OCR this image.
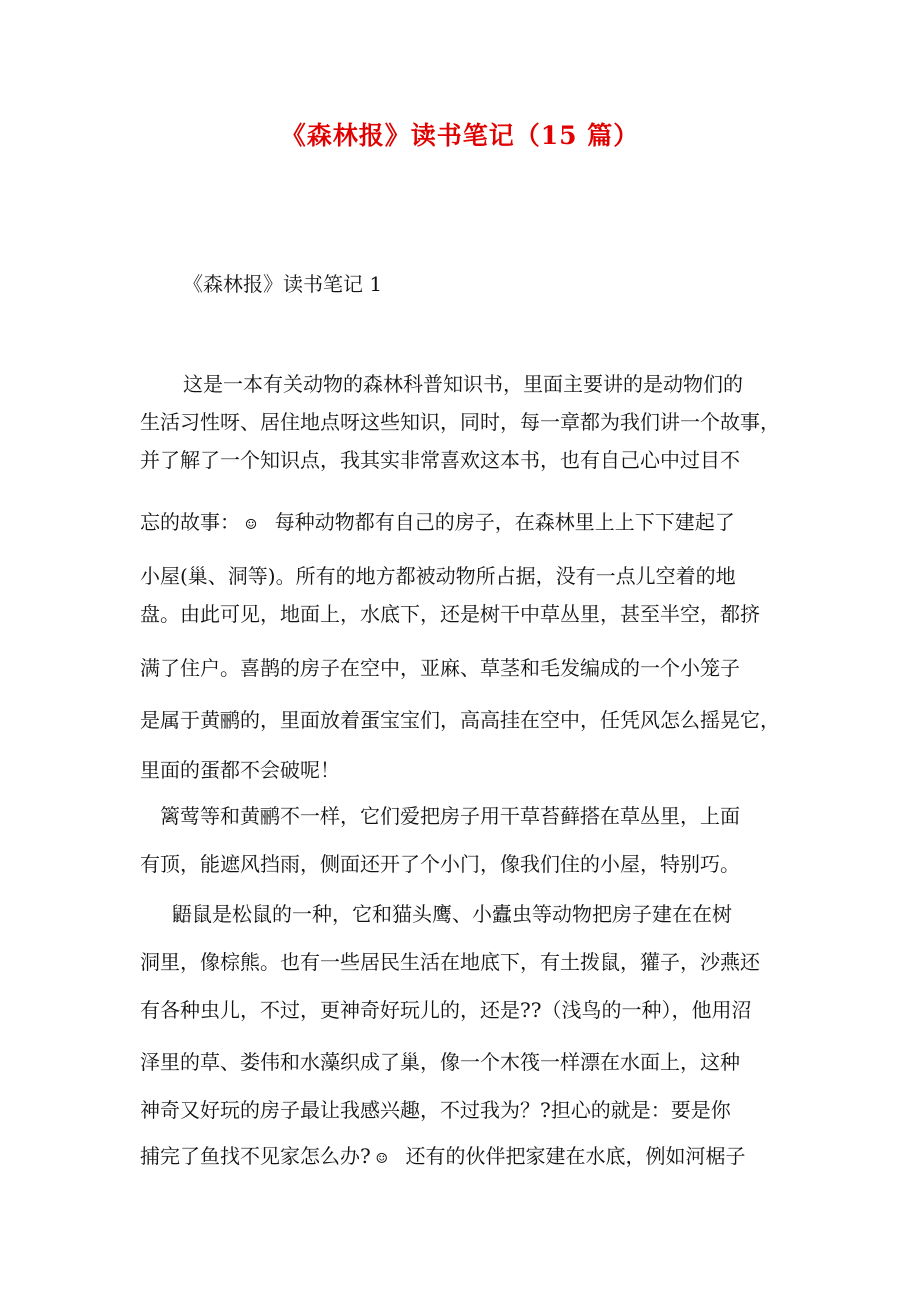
《森林报》读书笔记（15 篇）
《森林报》读书笔记 1
这是一本有关动物的森林科普知识书，里面主要讲的是动物们的
生活习性呀、居住地点呀这些知识，同时，每一章都为我们讲一个故事，
并了解了一个知识点，我其实非常喜欢这本书，也有自己心中过目不
忘的故事： ☺ 每种动物都有自己的房子，在森林里上上下下建起了
小屋(巢、洞等)。所有的地方都被动物所占据，没有一点儿空着的地
盘。由此可见，地面上，水底下，还是树干中草丛里，甚至半空，都挤
满了住户。喜鹊的房子在空中，亚麻、草茎和毛发编成的一个小笼子
是属于黄鹂的，里面放着蛋宝宝们，高高挂在空中，任凭风怎么摇晃它，
里面的蛋都不会破呢！
篱莺等和黄鹂不一样，它们爱把房子用干草苔藓搭在草丛里，上面
有顶，能遮风挡雨，侧面还开了个小门，像我们住的小屋，特别巧。
鼯鼠是松鼠的一种，它和猫头鹰、小蠹虫等动物把房子建在在树
洞里，像棕熊。也有一些居民生活在地底下，有土拨鼠，獾子，沙燕还
有各种虫儿，不过，更神奇好玩儿的，还是??（浅鸟的一种），他用沼
泽里的草、娄伟和水藻织成了巢，像一个木筏一样漂在水面上，这种
神奇又好玩的房子最让我感兴趣，不过我为？?担心的就是：要是你
捕完了鱼找不见家怎么办? ☺ 还有的伙伴把家建在水底，例如河椐子
